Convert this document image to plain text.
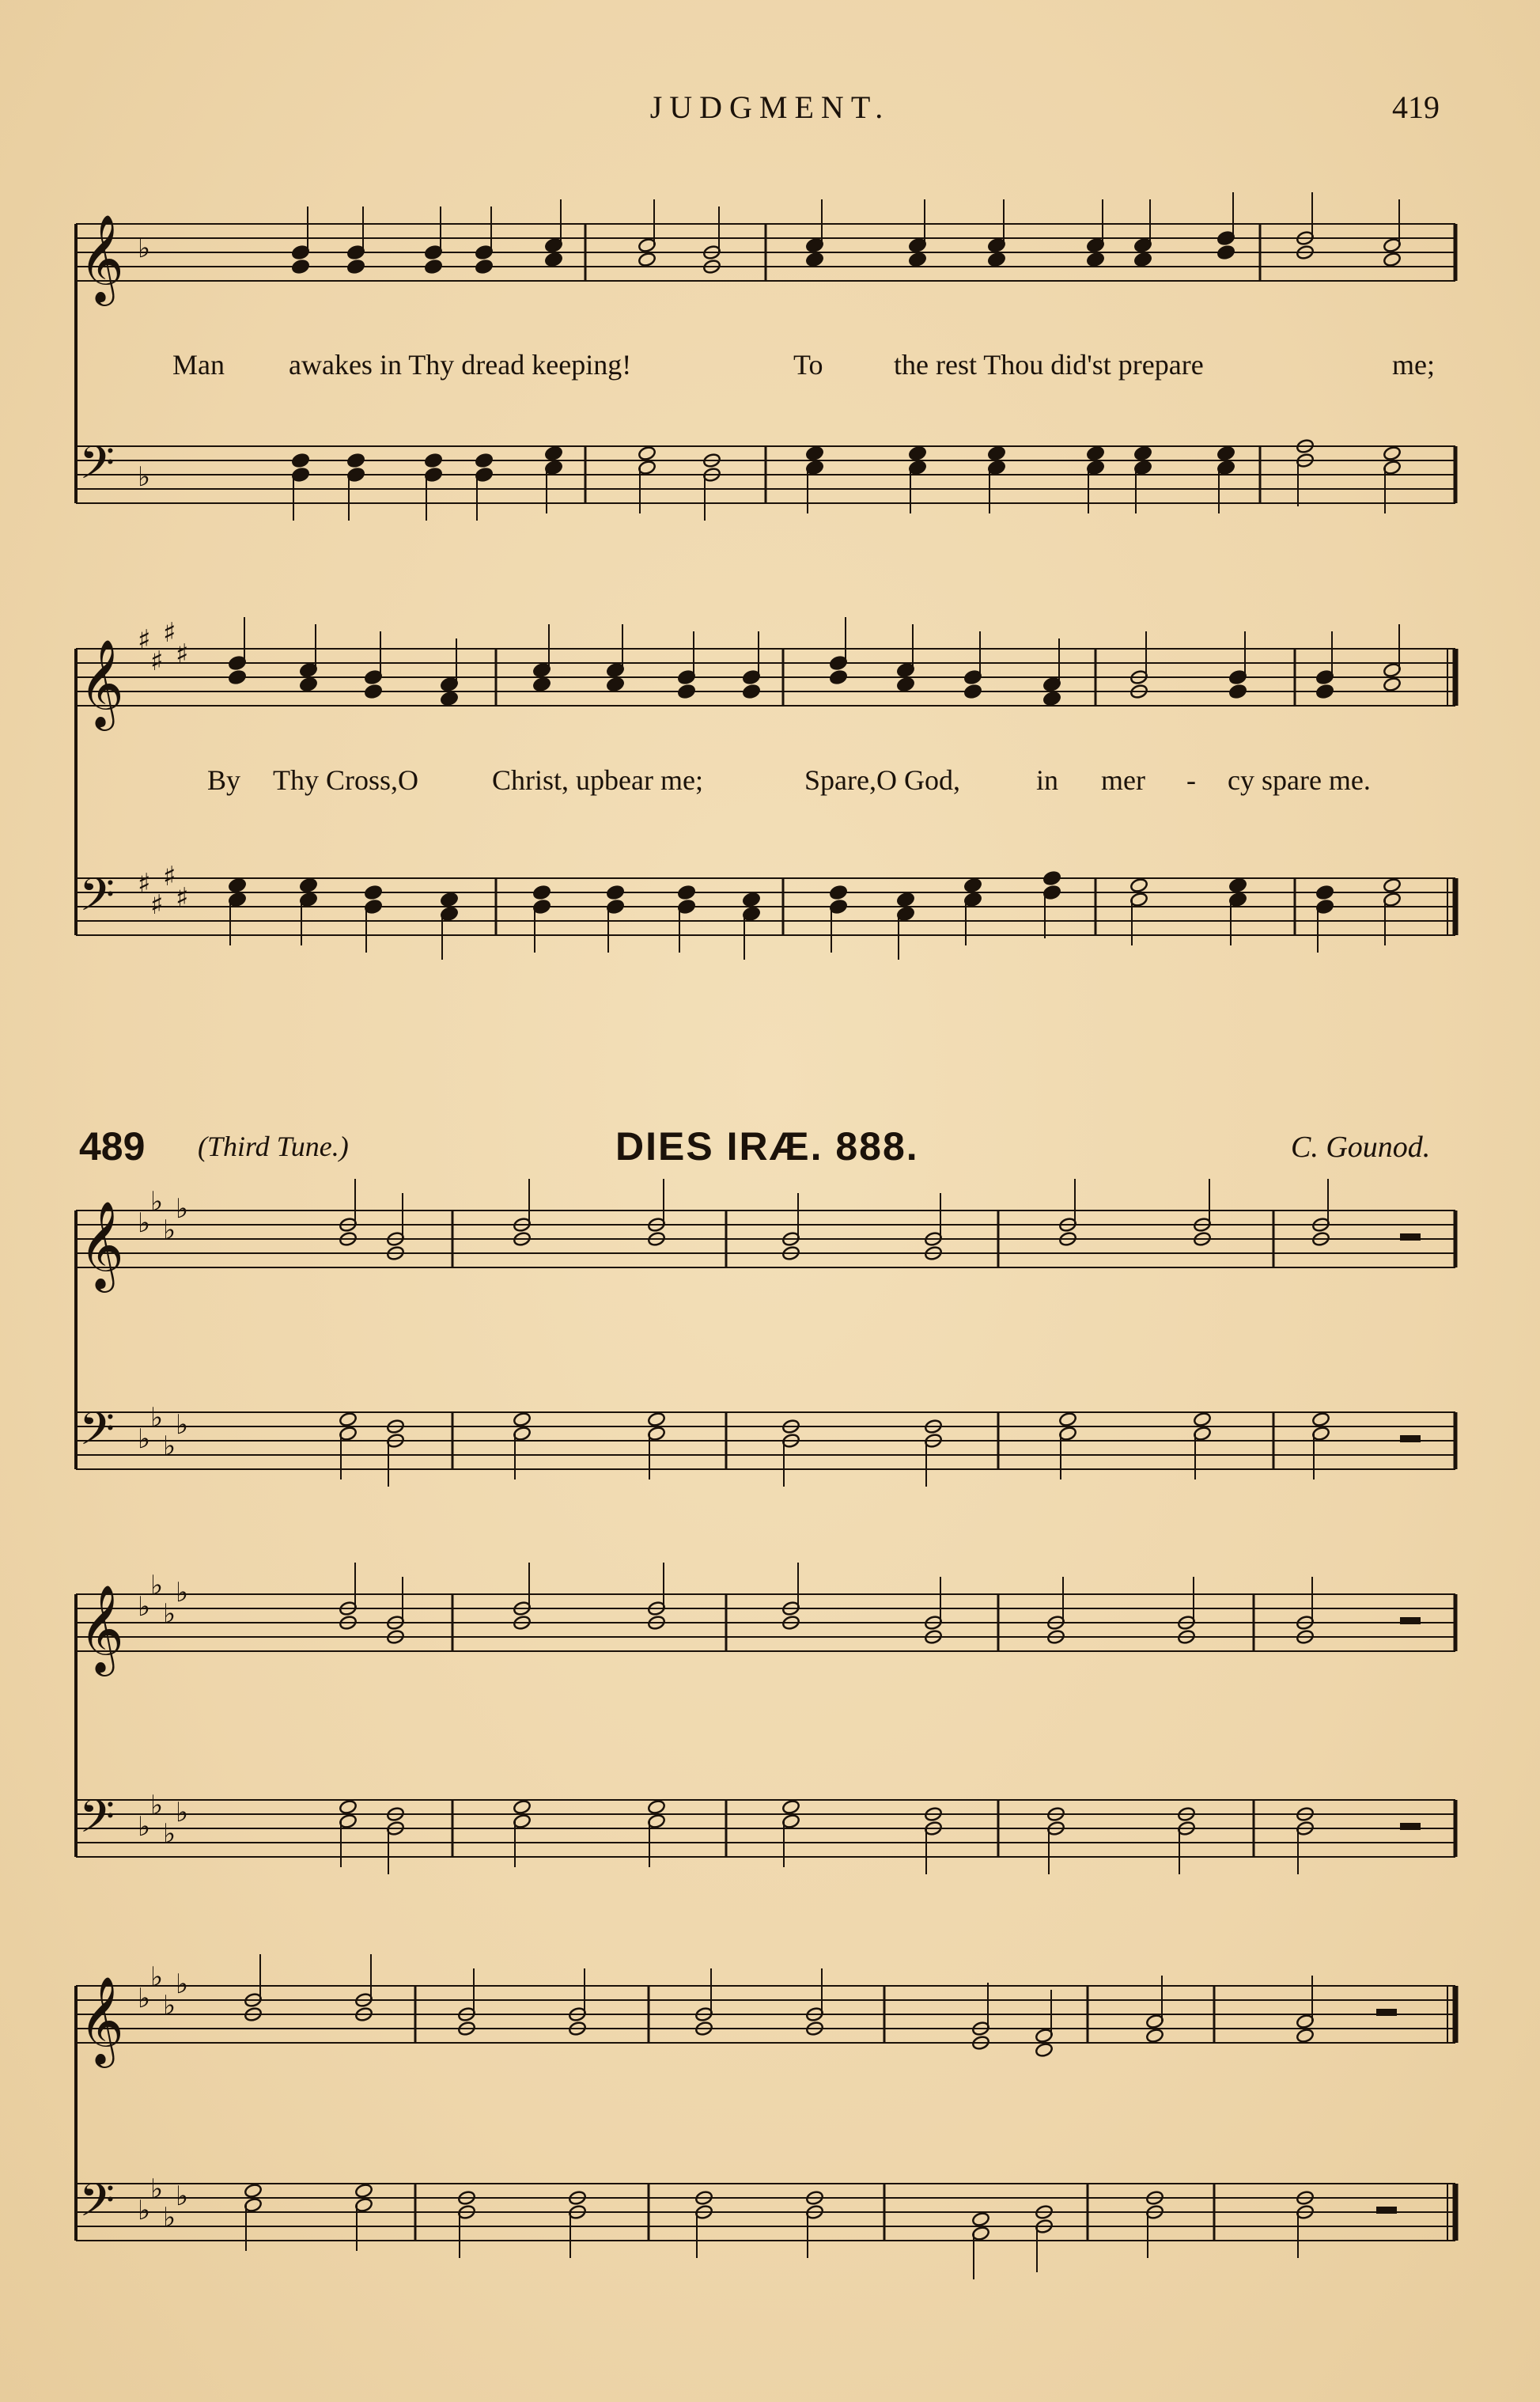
JUDGMENT.	419
Man awakes in Thy dread keeping!	To the rest Thou did'st prepare	me;
By Thy Cross,O	Christ, upbear me;	Spare,O God,	in mer - cy spare me.
489 (Third Tune.)	DIES IRÆ. 888.	C. Gounod.
𝄞
𝄢
♭
♭
𝄞
𝄢
♯
♯
♯
♯
♯
♯
♯
♯
𝄞
𝄢
♭
♭
♭
♭
♭
♭
♭
♭
𝄞
𝄢
♭
♭
♭
♭
♭
♭
♭
♭
𝄞
𝄢
♭
♭
♭
♭
♭
♭
♭
♭
